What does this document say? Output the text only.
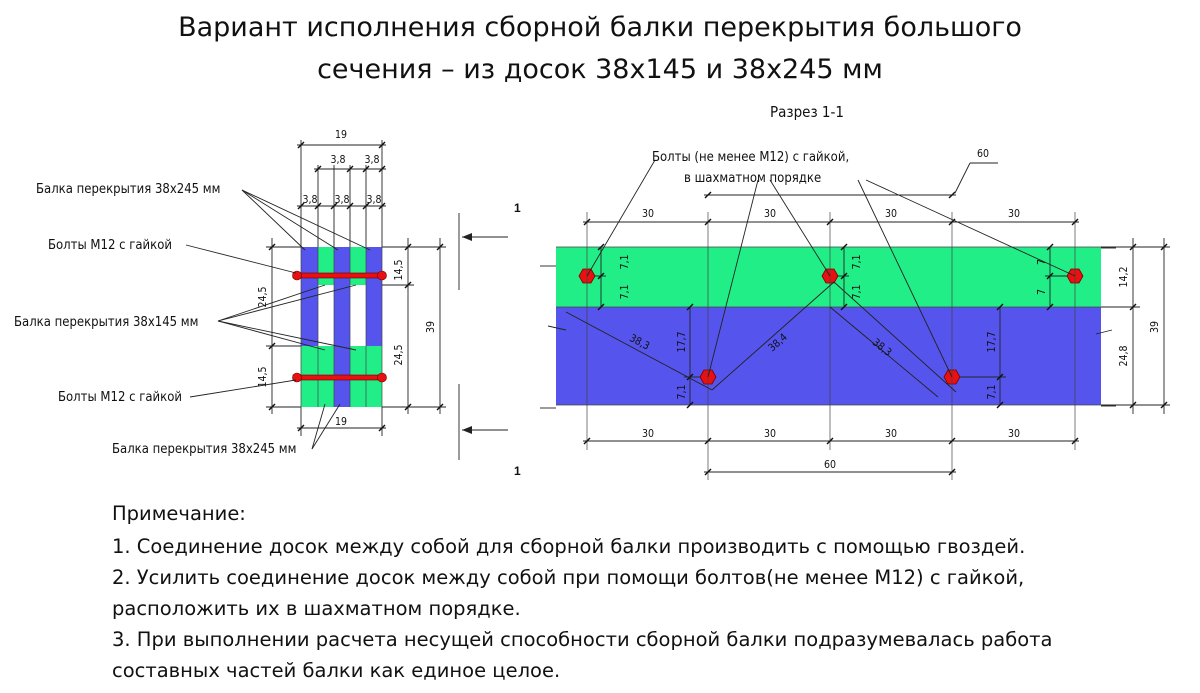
Вариант исполнения сборной балки перекрытия большого
сечения – из досок 38x145 и 38x245 мм
Разрез 1-1
19
3,8 3,8
3,8 3,8 3,8
24,5
14,5
14,5
24,5
39
1
1
19
Балка перекрытия 38х245 мм
Болты М12 с гайкой
Балка перекрытия 38х145 мм
Болты М12 с гайкой
Балка перекрытия 38х245 мм
30	30	30	30
60
30	30	30	30
60
14,2
24,8
39
7,1
7,1
7,1
7,1
7
7
17,7
7,1
17,7
7,1
38,3	38,4	38,3
Болты (не менее М12) с гайкой,
в шахматном порядке
Примечание:
1. Соединение досок между собой для сборной балки производить с помощью гвоздей.
2. Усилить соединение досок между собой при помощи болтов(не менее М12) с гайкой,
расположить их в шахматном порядке.
3. При выполнении расчета несущей способности сборной балки подразумевалась работа
составных частей балки как единое целое.
